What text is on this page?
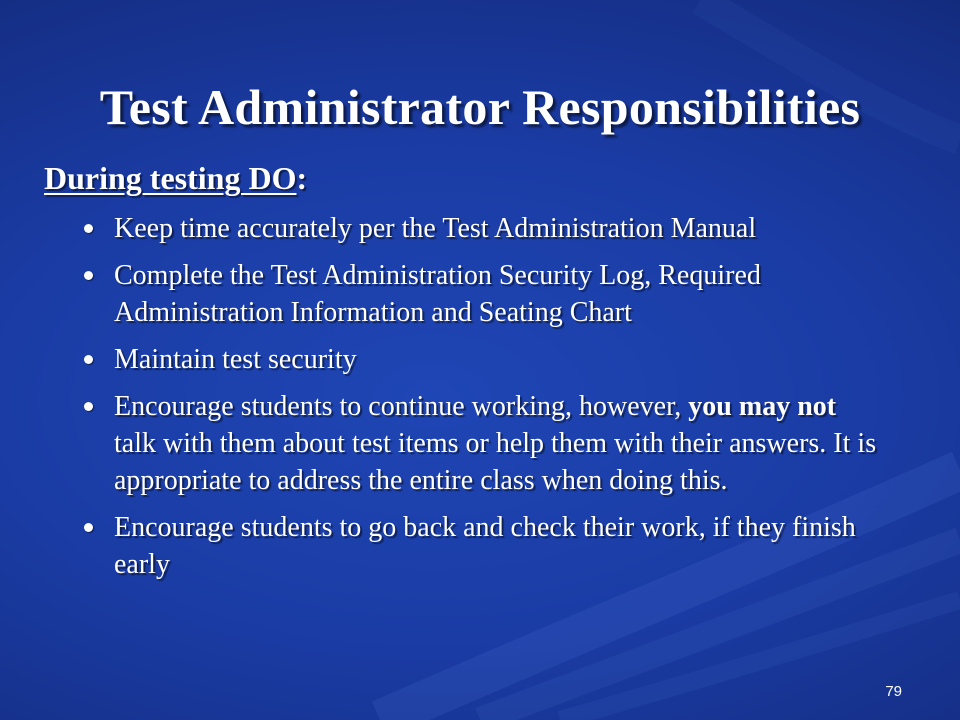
Test Administrator Responsibilities
During testing DO:
Keep time accurately per the Test Administration Manual
Complete the Test Administration Security Log, Required Administration Information and Seating Chart
Maintain test security
Encourage students to continue working, however, you may not talk with them about test items or help them with their answers. It is appropriate to address the entire class when doing this.
Encourage students to go back and check their work, if they finish early
79
